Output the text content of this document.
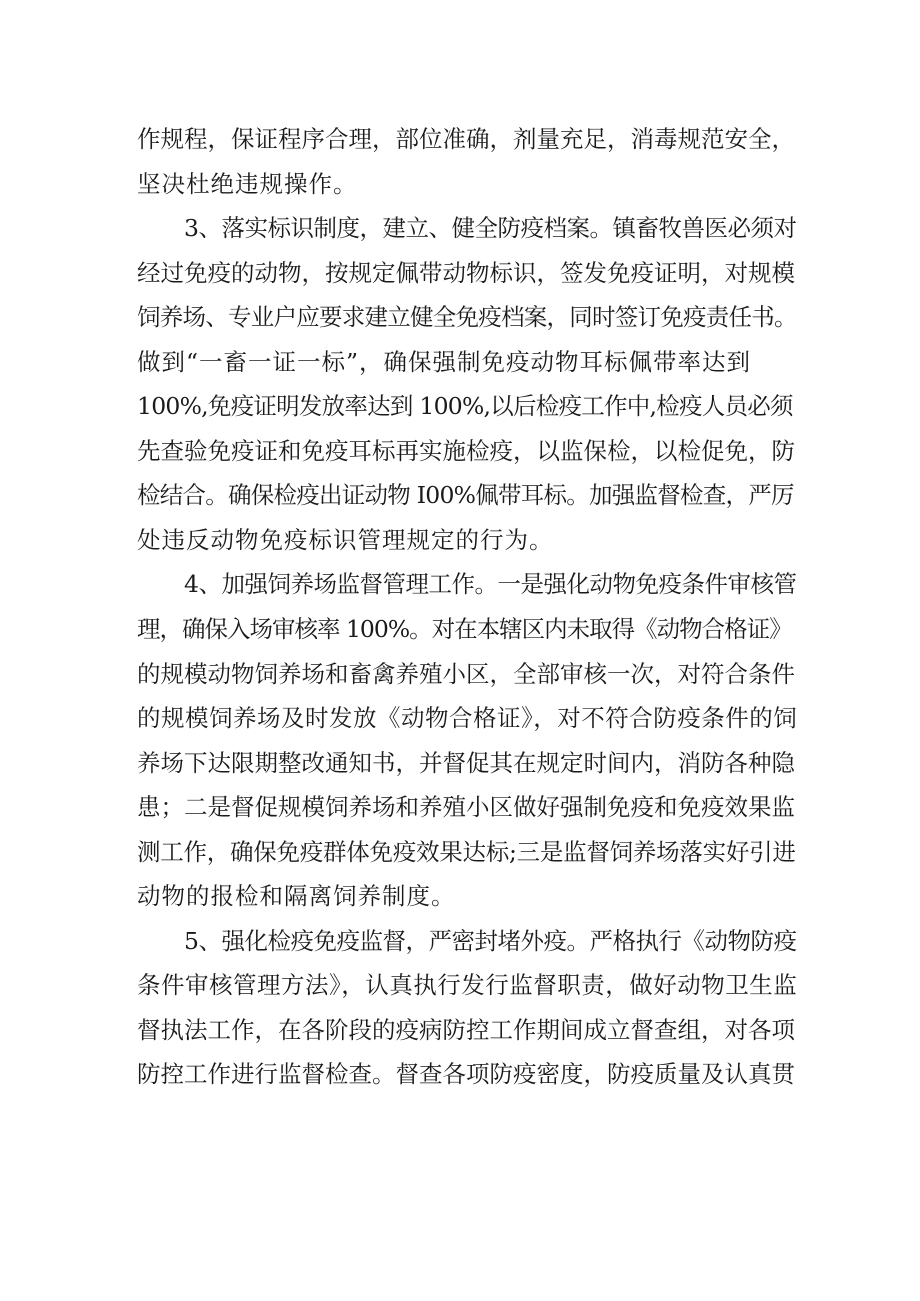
作规程，保证程序合理，部位准确，剂量充足，消毒规范安全，
坚决杜绝违规操作。
3、落实标识制度，建立、健全防疫档案。镇畜牧兽医必须对
经过免疫的动物，按规定佩带动物标识，签发免疫证明，对规模
饲养场、专业户应要求建立健全免疫档案，同时签订免疫责任书。
做到“一畜一证一标”，确保强制免疫动物耳标佩带率达到
100%,免疫证明发放率达到 100%,以后检疫工作中,检疫人员必须
先查验免疫证和免疫耳标再实施检疫，以监保检，以检促免，防
检结合。确保检疫出证动物 I00%佩带耳标。加强监督检查，严厉
处违反动物免疫标识管理规定的行为。
4、加强饲养场监督管理工作。一是强化动物免疫条件审核管
理，确保入场审核率 100%。对在本辖区内未取得《动物合格证》
的规模动物饲养场和畜禽养殖小区，全部审核一次，对符合条件
的规模饲养场及时发放《动物合格证》，对不符合防疫条件的饲
养场下达限期整改通知书，并督促其在规定时间内，消防各种隐
患；二是督促规模饲养场和养殖小区做好强制免疫和免疫效果监
测工作，确保免疫群体免疫效果达标;三是监督饲养场落实好引进
动物的报检和隔离饲养制度。
5、强化检疫免疫监督，严密封堵外疫。严格执行《动物防疫
条件审核管理方法》，认真执行发行监督职责，做好动物卫生监
督执法工作，在各阶段的疫病防控工作期间成立督查组，对各项
防控工作进行监督检查。督查各项防疫密度，防疫质量及认真贯
